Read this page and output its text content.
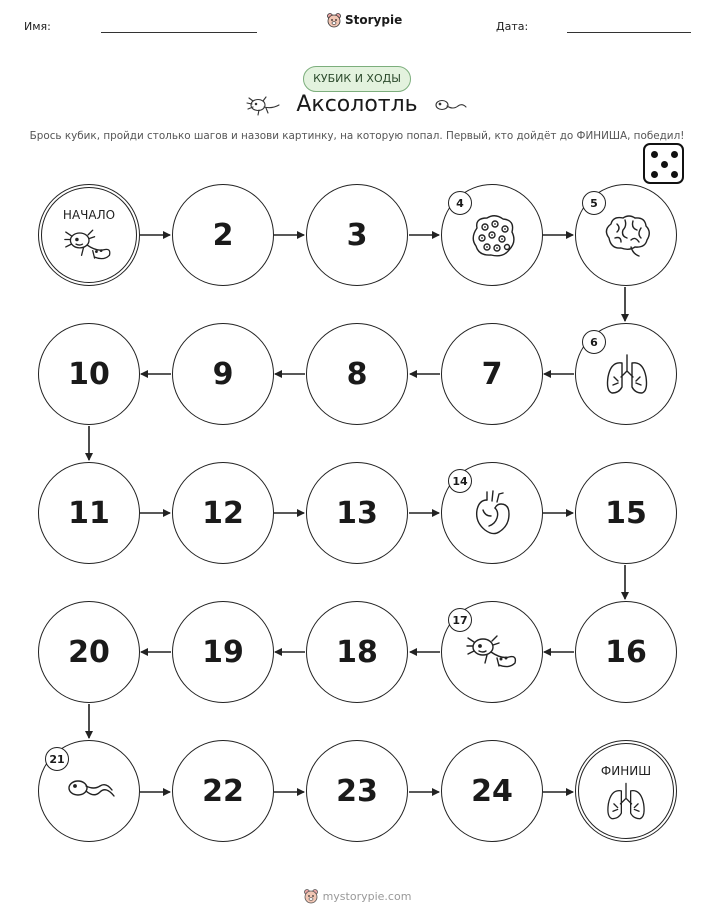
Имя:	Storypie	Дата:
КУБИК И ХОДЫ
Аксолотль
Брось кубик, пройди столько шагов и назови картинку, на которую попал. Первый, кто дойдёт до ФИНИША, победил!
НАЧАЛО
2	3
4	5
6
7
8
9
10
11	12	13
14
15
16
17
18
19
20
21
22	23	24
ФИНИШ
mystorypie.com
